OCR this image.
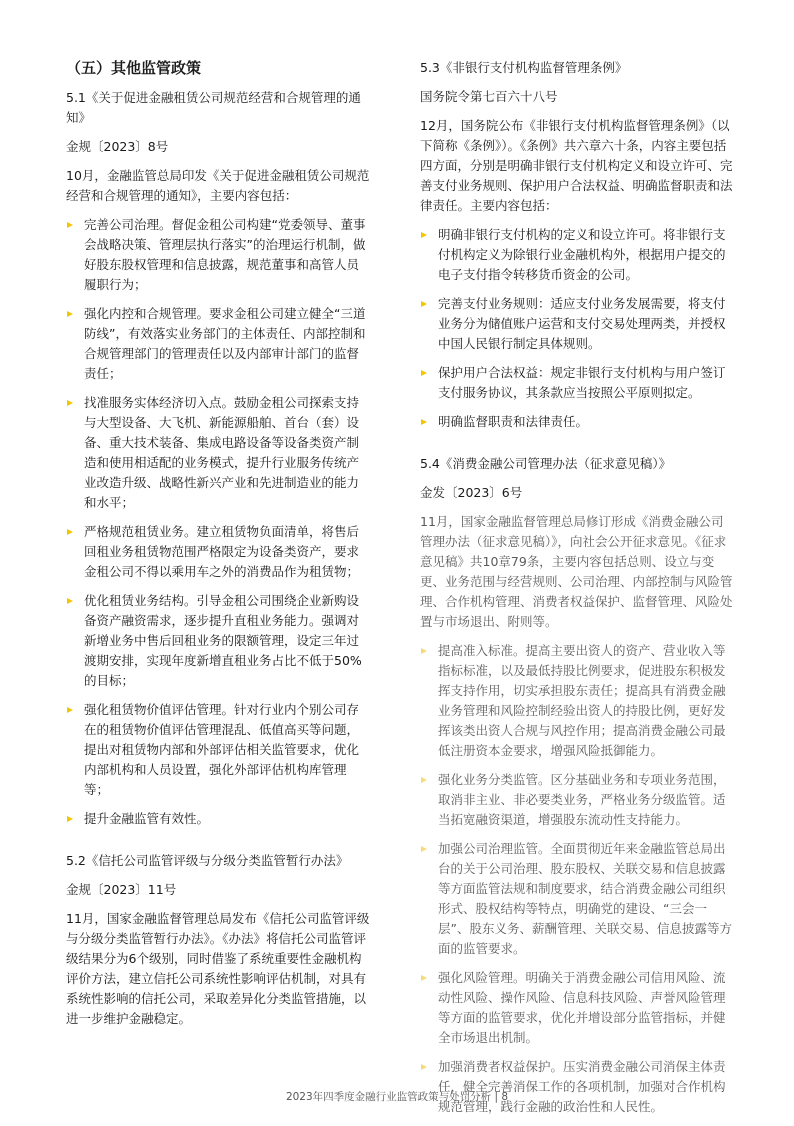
（五）其他监管政策

5.1《关于促进金融租赁公司规范经营和合规管理的通知》

金规〔2023〕8号

10月，金融监管总局印发《关于促进金融租赁公司规范经营和合规管理的通知》，主要内容包括：

完善公司治理。督促金租公司构建“党委领导、董事会战略决策、管理层执行落实”的治理运行机制，做好股东股权管理和信息披露，规范董事和高管人员履职行为；
强化内控和合规管理。要求金租公司建立健全“三道防线”，有效落实业务部门的主体责任、内部控制和合规管理部门的管理责任以及内部审计部门的监督责任；
找准服务实体经济切入点。鼓励金租公司探索支持与大型设备、大飞机、新能源船舶、首台（套）设备、重大技术装备、集成电路设备等设备类资产制造和使用相适配的业务模式，提升行业服务传统产业改造升级、战略性新兴产业和先进制造业的能力和水平；
严格规范租赁业务。建立租赁物负面清单，将售后回租业务租赁物范围严格限定为设备类资产，要求金租公司不得以乘用车之外的消费品作为租赁物；
优化租赁业务结构。引导金租公司围绕企业新购设备资产融资需求，逐步提升直租业务能力。强调对新增业务中售后回租业务的限额管理，设定三年过渡期安排，实现年度新增直租业务占比不低于50%的目标；
强化租赁物价值评估管理。针对行业内个别公司存在的租赁物价值评估管理混乱、低值高买等问题，提出对租赁物内部和外部评估相关监管要求，优化内部机构和人员设置，强化外部评估机构库管理等；
提升金融监管有效性。

5.2《信托公司监管评级与分级分类监管暂行办法》

金规〔2023〕11号

11月，国家金融监督管理总局发布《信托公司监管评级与分级分类监管暂行办法》。《办法》将信托公司监管评级结果分为6个级别，同时借鉴了系统重要性金融机构评价方法，建立信托公司系统性影响评估机制，对具有系统性影响的信托公司，采取差异化分类监管措施，以进一步维护金融稳定。

5.3《非银行支付机构监督管理条例》

国务院令第七百六十八号

12月，国务院公布《非银行支付机构监督管理条例》（以下简称《条例》）。《条例》共六章六十条，内容主要包括四方面，分别是明确非银行支付机构定义和设立许可、完善支付业务规则、保护用户合法权益、明确监督职责和法律责任。主要内容包括：

明确非银行支付机构的定义和设立许可。将非银行支付机构定义为除银行业金融机构外，根据用户提交的电子支付指令转移货币资金的公司。
完善支付业务规则：适应支付业务发展需要，将支付业务分为储值账户运营和支付交易处理两类，并授权中国人民银行制定具体规则。
保护用户合法权益：规定非银行支付机构与用户签订支付服务协议，其条款应当按照公平原则拟定。
明确监督职责和法律责任。

5.4《消费金融公司管理办法（征求意见稿）》

金发〔2023〕6号

11月，国家金融监督管理总局修订形成《消费金融公司管理办法（征求意见稿）》，向社会公开征求意见。《征求意见稿》共10章79条，主要内容包括总则、设立与变更、业务范围与经营规则、公司治理、内部控制与风险管理、合作机构管理、消费者权益保护、监督管理、风险处置与市场退出、附则等。

提高准入标准。提高主要出资人的资产、营业收入等指标标准，以及最低持股比例要求，促进股东积极发挥支持作用，切实承担股东责任；提高具有消费金融业务管理和风险控制经验出资人的持股比例，更好发挥该类出资人合规与风控作用；提高消费金融公司最低注册资本金要求，增强风险抵御能力。
强化业务分类监管。区分基础业务和专项业务范围，取消非主业、非必要类业务，严格业务分级监管。适当拓宽融资渠道，增强股东流动性支持能力。
加强公司治理监管。全面贯彻近年来金融监管总局出台的关于公司治理、股东股权、关联交易和信息披露等方面监管法规和制度要求，结合消费金融公司组织形式、股权结构等特点，明确党的建设、“三会一层”、股东义务、薪酬管理、关联交易、信息披露等方面的监管要求。
强化风险管理。明确关于消费金融公司信用风险、流动性风险、操作风险、信息科技风险、声誉风险管理等方面的监管要求，优化并增设部分监管指标，并健全市场退出机制。
加强消费者权益保护。压实消费金融公司消保主体责任，健全完善消保工作的各项机制，加强对合作机构规范管理，践行金融的政治性和人民性。
2023年四季度金融行业监管政策与处罚分析 | 8
